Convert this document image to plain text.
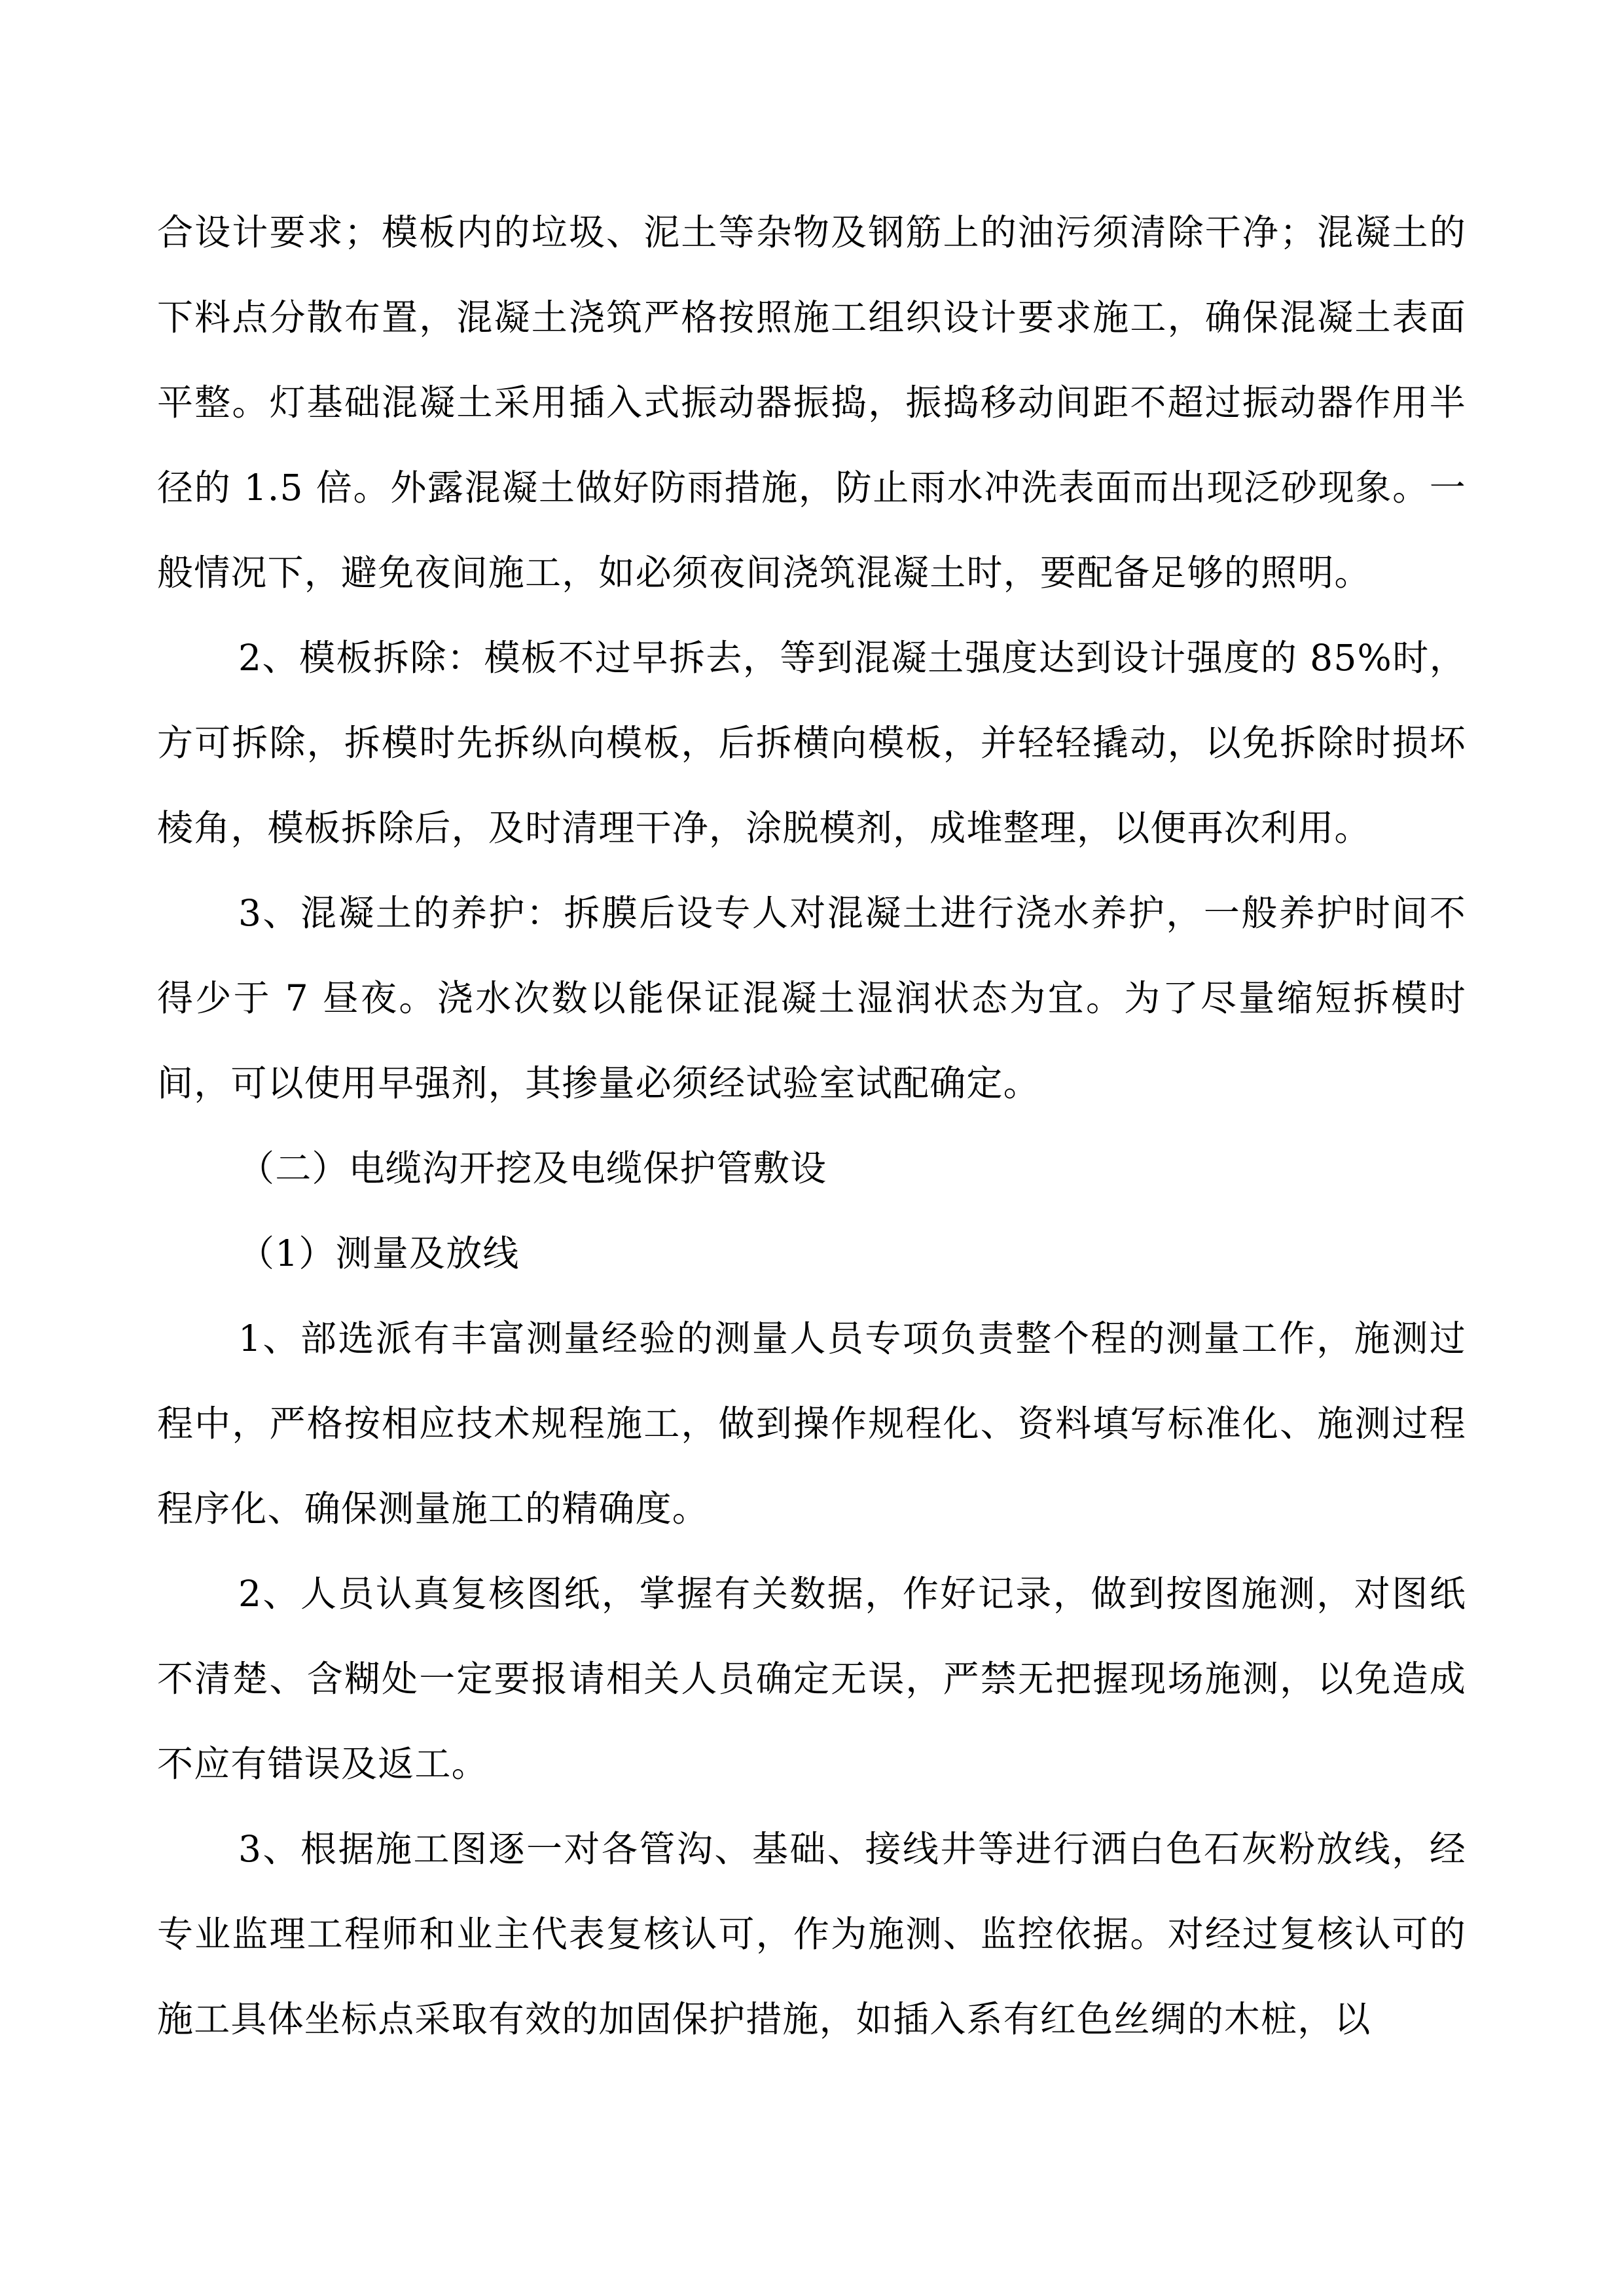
合设计要求；模板内的垃圾、泥土等杂物及钢筋上的油污须清除干净；混凝土的下料点分散布置，混凝土浇筑严格按照施工组织设计要求施工，确保混凝土表面平整。灯基础混凝土采用插入式振动器振捣，振捣移动间距不超过振动器作用半径的 1.5 倍。外露混凝土做好防雨措施，防止雨水冲洗表面而出现泛砂现象。一般情况下，避免夜间施工，如必须夜间浇筑混凝土时，要配备足够的照明。

2、模板拆除：模板不过早拆去，等到混凝土强度达到设计强度的 85%时，方可拆除，拆模时先拆纵向模板，后拆横向模板，并轻轻撬动，以免拆除时损坏棱角，模板拆除后，及时清理干净，涂脱模剂，成堆整理，以便再次利用。

3、混凝土的养护：拆膜后设专人对混凝土进行浇水养护，一般养护时间不得少于 7 昼夜。浇水次数以能保证混凝土湿润状态为宜。为了尽量缩短拆模时间，可以使用早强剂，其掺量必须经试验室试配确定。

（二）电缆沟开挖及电缆保护管敷设

（1）测量及放线

1、部选派有丰富测量经验的测量人员专项负责整个程的测量工作，施测过程中，严格按相应技术规程施工，做到操作规程化、资料填写标准化、施测过程程序化、确保测量施工的精确度。

2、人员认真复核图纸，掌握有关数据，作好记录，做到按图施测，对图纸不清楚、含糊处一定要报请相关人员确定无误，严禁无把握现场施测，以免造成不应有错误及返工。

3、根据施工图逐一对各管沟、基础、接线井等进行洒白色石灰粉放线，经专业监理工程师和业主代表复核认可，作为施测、监控依据。对经过复核认可的施工具体坐标点采取有效的加固保护措施，如插入系有红色丝绸的木桩，以
